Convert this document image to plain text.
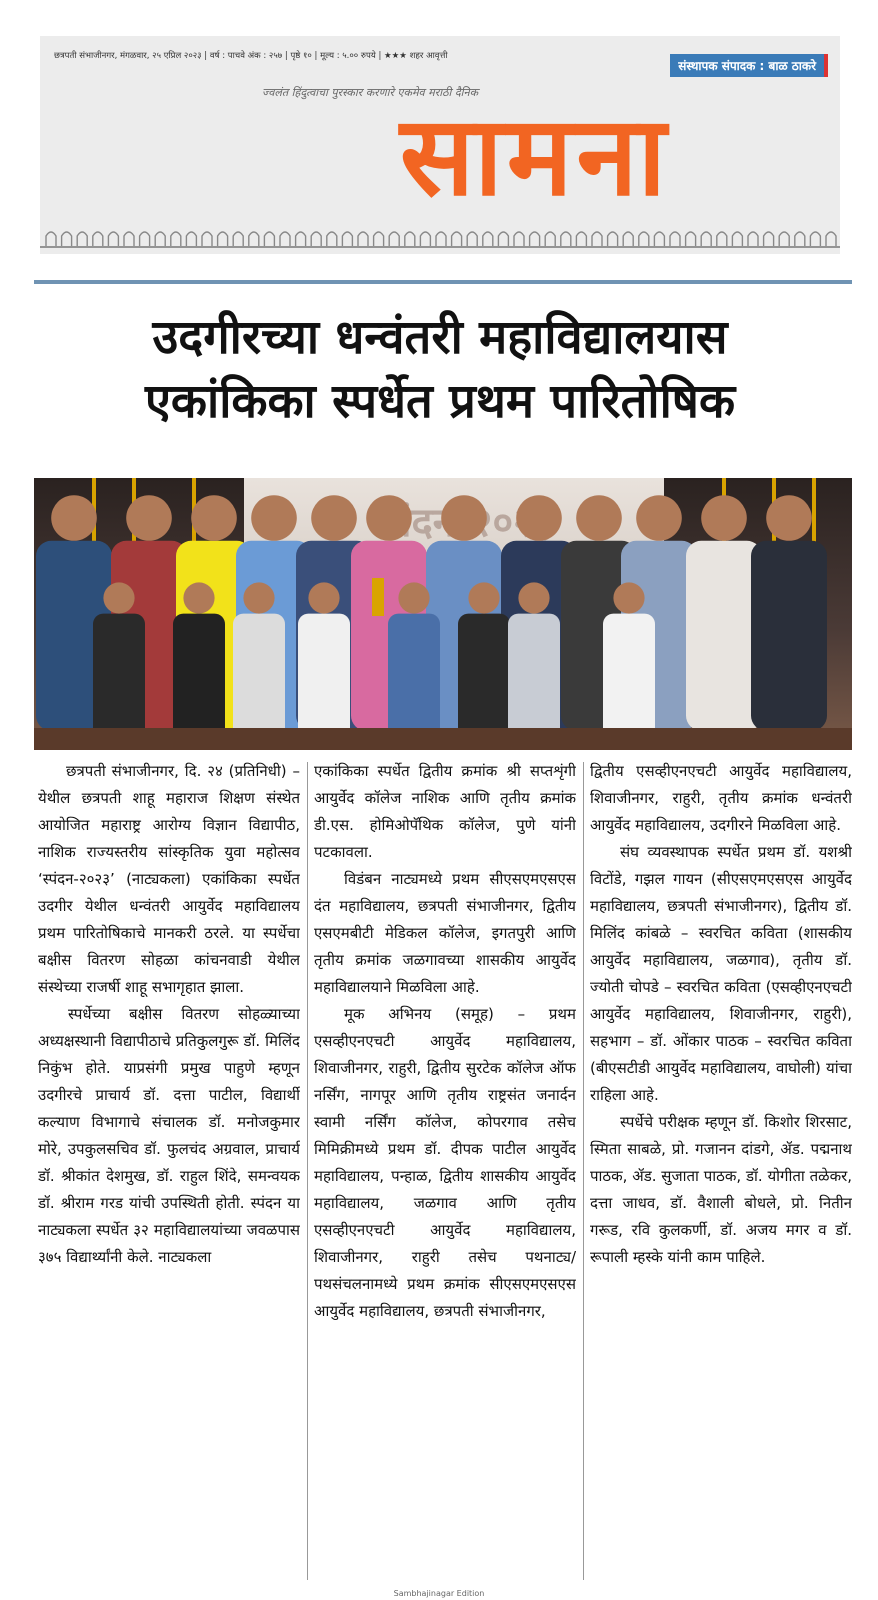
छत्रपती संभाजीनगर, मंगळवार, २५ एप्रिल २०२३ | वर्ष : पाचवे अंक : २५७ | पृष्ठे १० | मूल्य : ५.०० रुपये | ★★★ शहर आवृत्ती
संस्थापक संपादक : बाळ ठाकरे
ज्वलंत हिंदुत्वाचा पुरस्कार करणारे एकमेव मराठी दैनिक
सामना
उदगीरच्या धन्वंतरी महाविद्यालयास
एकांकिका स्पर्धेत प्रथम पारितोषिक

छत्रपती संभाजीनगर, दि. २४ (प्रतिनिधी) – येथील छत्रपती शाहू महाराज शिक्षण संस्थेत आयोजित महाराष्ट्र आरोग्य विज्ञान विद्यापीठ, नाशिक राज्यस्तरीय सांस्कृतिक युवा महोत्सव ‘स्पंदन-२०२३’ (नाट्यकला) एकांकिका स्पर्धेत उदगीर येथील धन्वंतरी आयुर्वेद महाविद्यालय प्रथम पारितोषिकाचे मानकरी ठरले. या स्पर्धेचा बक्षीस वितरण सोहळा कांचनवाडी येथील संस्थेच्या राजर्षी शाहू सभागृहात झाला.

स्पर्धेच्या बक्षीस वितरण सोहळ्याच्या अध्यक्षस्थानी विद्यापीठाचे प्रतिकुलगुरू डॉ. मिलिंद निकुंभ होते. याप्रसंगी प्रमुख पाहुणे म्हणून उदगीरचे प्राचार्य डॉ. दत्ता पाटील, विद्यार्थी कल्याण विभागाचे संचालक डॉ. मनोजकुमार मोरे, उपकुलसचिव डॉ. फुलचंद अग्रवाल, प्राचार्य डॉ. श्रीकांत देशमुख, डॉ. राहुल शिंदे, समन्वयक डॉ. श्रीराम गरड यांची उपस्थिती होती. स्पंदन या नाट्यकला स्पर्धेत ३२ महाविद्यालयांच्या जवळपास ३७५ विद्यार्थ्यांनी केले. नाट्यकला

एकांकिका स्पर्धेत द्वितीय क्रमांक श्री सप्तशृंगी आयुर्वेद कॉलेज नाशिक आणि तृतीय क्रमांक डी.एस. होमिओपॅथिक कॉलेज, पुणे यांनी पटकावला.

विडंबन नाट्यमध्ये प्रथम सीएसएमएसएस दंत महाविद्यालय, छत्रपती संभाजीनगर, द्वितीय एसएमबीटी मेडिकल कॉलेज, इगतपुरी आणि तृतीय क्रमांक जळगावच्या शासकीय आयुर्वेद महाविद्यालयाने मिळविला आहे.

मूक अभिनय (समूह) – प्रथम एसव्हीएनएचटी आयुर्वेद महाविद्यालय, शिवाजीनगर, राहुरी, द्वितीय सुरटेक कॉलेज ऑफ नर्सिंग, नागपूर आणि तृतीय राष्ट्रसंत जनार्दन स्वामी नर्सिंग कॉलेज, कोपरगाव तसेच मिमिक्रीमध्ये प्रथम डॉ. दीपक पाटील आयुर्वेद महाविद्यालय, पन्हाळ, द्वितीय शासकीय आयुर्वेद महाविद्यालय, जळगाव आणि तृतीय एसव्हीएनएचटी आयुर्वेद महाविद्यालय, शिवाजीनगर, राहुरी तसेच पथनाट्य/पथसंचलनामध्ये प्रथम क्रमांक सीएसएमएसएस आयुर्वेद महाविद्यालय, छत्रपती संभाजीनगर,

द्वितीय एसव्हीएनएचटी आयुर्वेद महाविद्यालय, शिवाजीनगर, राहुरी, तृतीय क्रमांक धन्वंतरी आयुर्वेद महाविद्यालय, उदगीरने मिळविला आहे.

संघ व्यवस्थापक स्पर्धेत प्रथम डॉ. यशश्री विटोंडे, गझल गायन (सीएसएमएसएस आयुर्वेद महाविद्यालय, छत्रपती संभाजीनगर), द्वितीय डॉ. मिलिंद कांबळे – स्वरचित कविता (शासकीय आयुर्वेद महाविद्यालय, जळगाव), तृतीय डॉ. ज्योती चोपडे – स्वरचित कविता (एसव्हीएनएचटी आयुर्वेद महाविद्यालय, शिवाजीनगर, राहुरी), सहभाग – डॉ. ओंकार पाठक – स्वरचित कविता (बीएसटीडी आयुर्वेद महाविद्यालय, वाघोली) यांचा राहिला आहे.

स्पर्धेचे परीक्षक म्हणून डॉ. किशोर शिरसाट, स्मिता साबळे, प्रो. गजानन दांडगे, ॲड. पद्मनाथ पाठक, ॲड. सुजाता पाठक, डॉ. योगीता तळेकर, दत्ता जाधव, डॉ. वैशाली बोधले, प्रो. नितीन गरूड, रवि कुलकर्णी, डॉ. अजय मगर व डॉ. रूपाली म्हस्के यांनी काम पाहिले.

Sambhajinagar Edition
